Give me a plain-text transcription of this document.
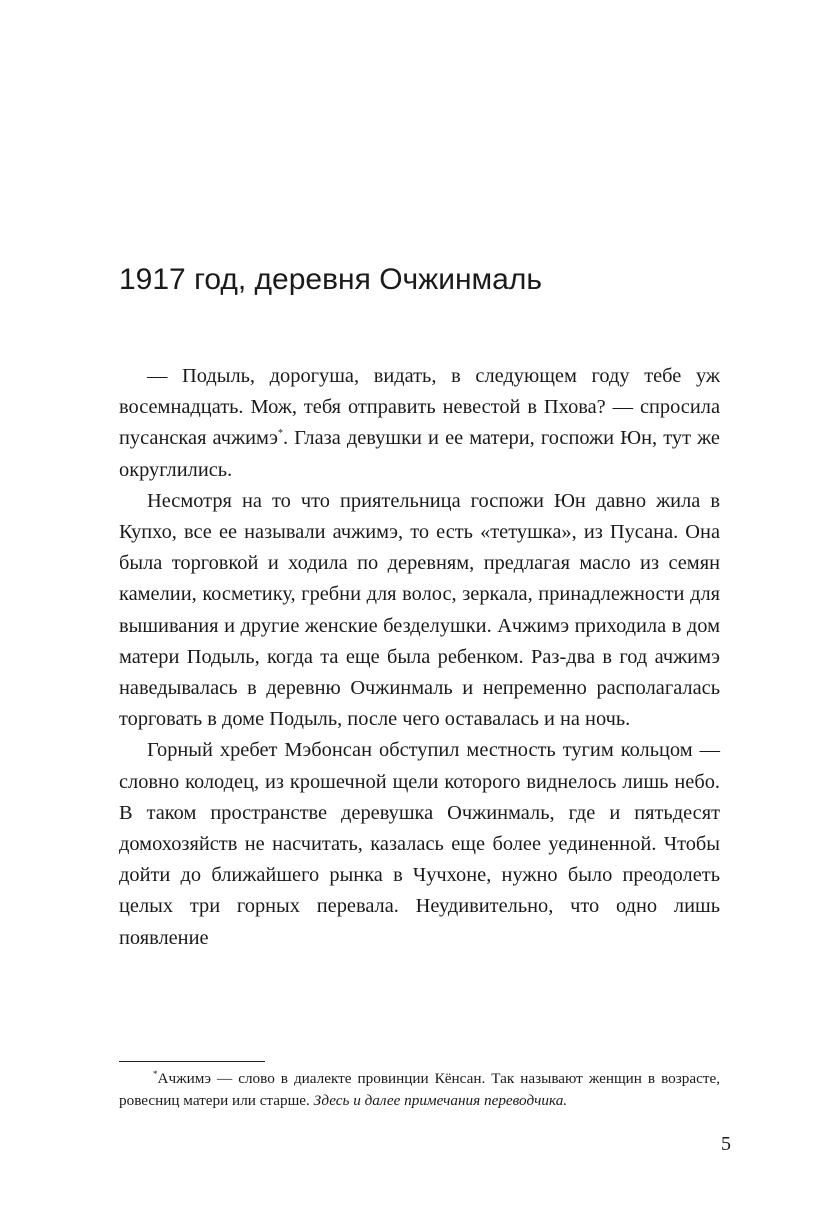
1917 год, деревня Очжинмаль

— Подыль, дорогуша, видать, в следующем году тебе уж восемнадцать. Мож, тебя отправить невестой в Пхова? — спросила пусанская ачжимэ*. Глаза девушки и ее матери, госпожи Юн, тут же округлились.

Несмотря на то что приятельница госпожи Юн давно жила в Купхо, все ее называли ачжимэ, то есть «тетушка», из Пусана. Она была торговкой и ходила по деревням, предлагая масло из семян камелии, косметику, гребни для волос, зеркала, принадлежности для вышивания и другие женские безделушки. Ачжимэ приходила в дом матери Подыль, когда та еще была ребенком. Раз-два в год ачжимэ наведывалась в деревню Очжинмаль и непременно располагалась торговать в доме Подыль, после чего оставалась и на ночь.

Горный хребет Мэбонсан обступил местность тугим кольцом — словно колодец, из крошечной щели которого виднелось лишь небо. В таком пространстве деревушка Очжинмаль, где и пятьдесят домохозяйств не насчитать, казалась еще более уединенной. Чтобы дойти до ближайшего рынка в Чучхоне, нужно было преодолеть целых три горных перевала. Неудивительно, что одно лишь появление

*Ачжимэ — слово в диалекте провинции Кёнсан. Так называют женщин в возрасте, ровесниц матери или старше. Здесь и далее примечания переводчика.
5
